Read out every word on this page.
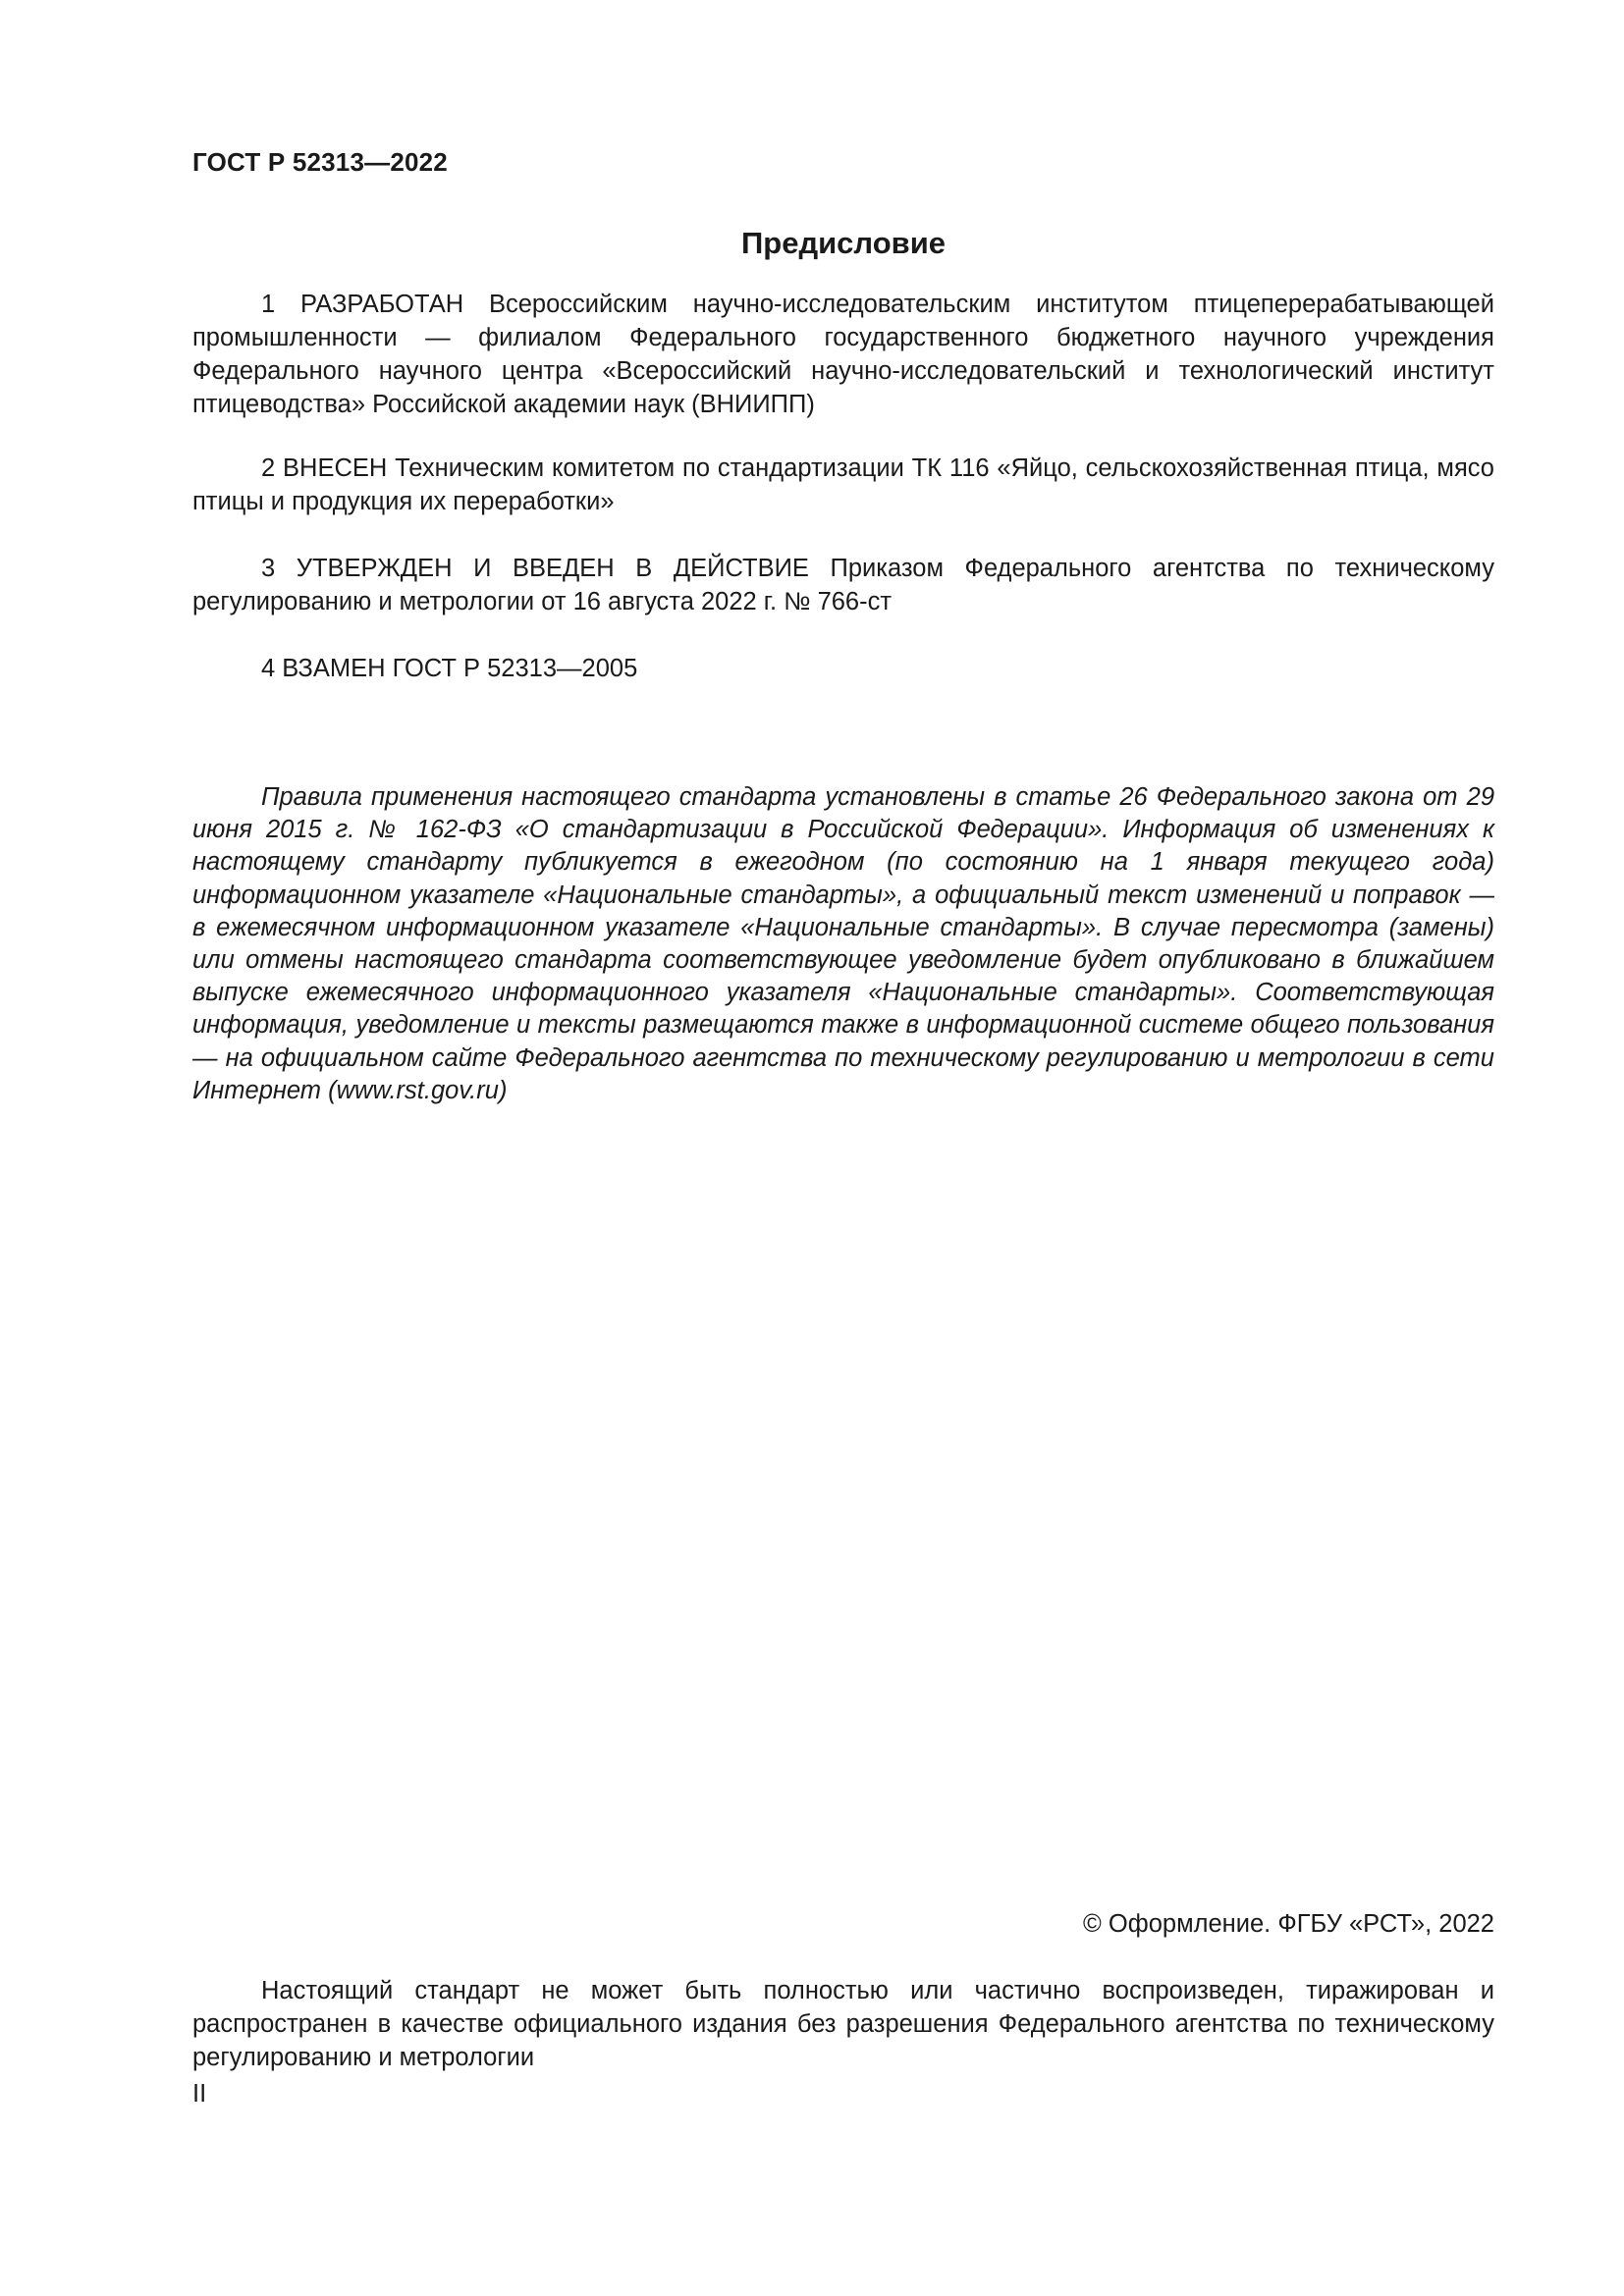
ГОСТ Р 52313—2022
Предисловие

1 РАЗРАБОТАН Всероссийским научно-исследовательским институтом птицеперерабатывающей промышленности — филиалом Федерального государственного бюджетного научного учреждения Федерального научного центра «Всероссийский научно-исследовательский и технологический институт птицеводства» Российской академии наук (ВНИИПП)

2 ВНЕСЕН Техническим комитетом по стандартизации ТК 116 «Яйцо, сельскохозяйственная птица, мясо птицы и продукция их переработки»

3 УТВЕРЖДЕН И ВВЕДЕН В ДЕЙСТВИЕ Приказом Федерального агентства по техническому регулированию и метрологии от 16 августа 2022 г. № 766-ст

4 ВЗАМЕН ГОСТ Р 52313—2005

Правила применения настоящего стандарта установлены в статье 26 Федерального закона от 29 июня 2015 г. № 162-ФЗ «О стандартизации в Российской Федерации». Информация об изменениях к настоящему стандарту публикуется в ежегодном (по состоянию на 1 января текущего года) информационном указателе «Национальные стандарты», а официальный текст изменений и поправок — в ежемесячном информационном указателе «Национальные стандарты». В случае пересмотра (замены) или отмены настоящего стандарта соответствующее уведомление будет опубликовано в ближайшем выпуске ежемесячного информационного указателя «Национальные стандарты». Соответствующая информация, уведомление и тексты размещаются также в информационной системе общего пользования — на официальном сайте Федерального агентства по техническому регулированию и метрологии в сети Интернет (www.rst.gov.ru)

© Оформление. ФГБУ «РСТ», 2022

Настоящий стандарт не может быть полностью или частично воспроизведен, тиражирован и распространен в качестве официального издания без разрешения Федерального агентства по техническому регулированию и метрологии

II
